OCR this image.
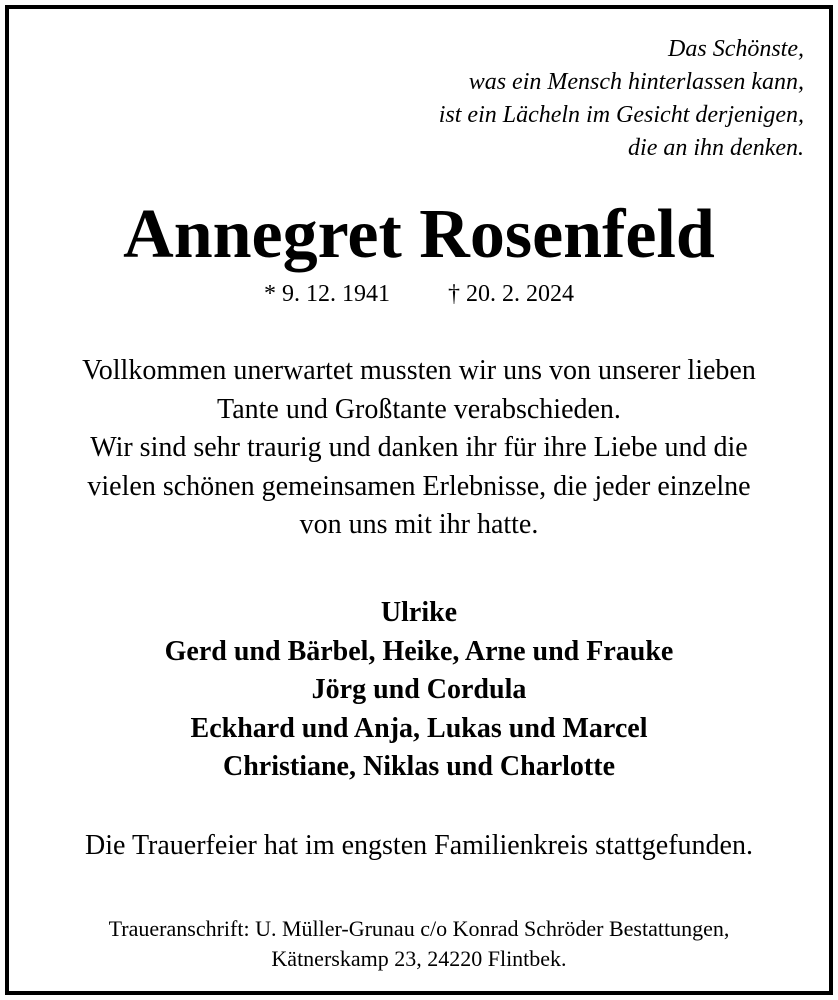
Das Schönste,
was ein Mensch hinterlassen kann,
ist ein Lächeln im Gesicht derjenigen,
die an ihn denken.
Annegret Rosenfeld
* 9. 12. 1941 † 20. 2. 2024
Vollkommen unerwartet mussten wir uns von unserer lieben
Tante und Großtante verabschieden.
Wir sind sehr traurig und danken ihr für ihre Liebe und die
vielen schönen gemeinsamen Erlebnisse, die jeder einzelne
von uns mit ihr hatte.
Ulrike
Gerd und Bärbel, Heike, Arne und Frauke
Jörg und Cordula
Eckhard und Anja, Lukas und Marcel
Christiane, Niklas und Charlotte
Die Trauerfeier hat im engsten Familienkreis stattgefunden.
Traueranschrift: U. Müller-Grunau c/o Konrad Schröder Bestattungen,
Kätnerskamp 23, 24220 Flintbek.
